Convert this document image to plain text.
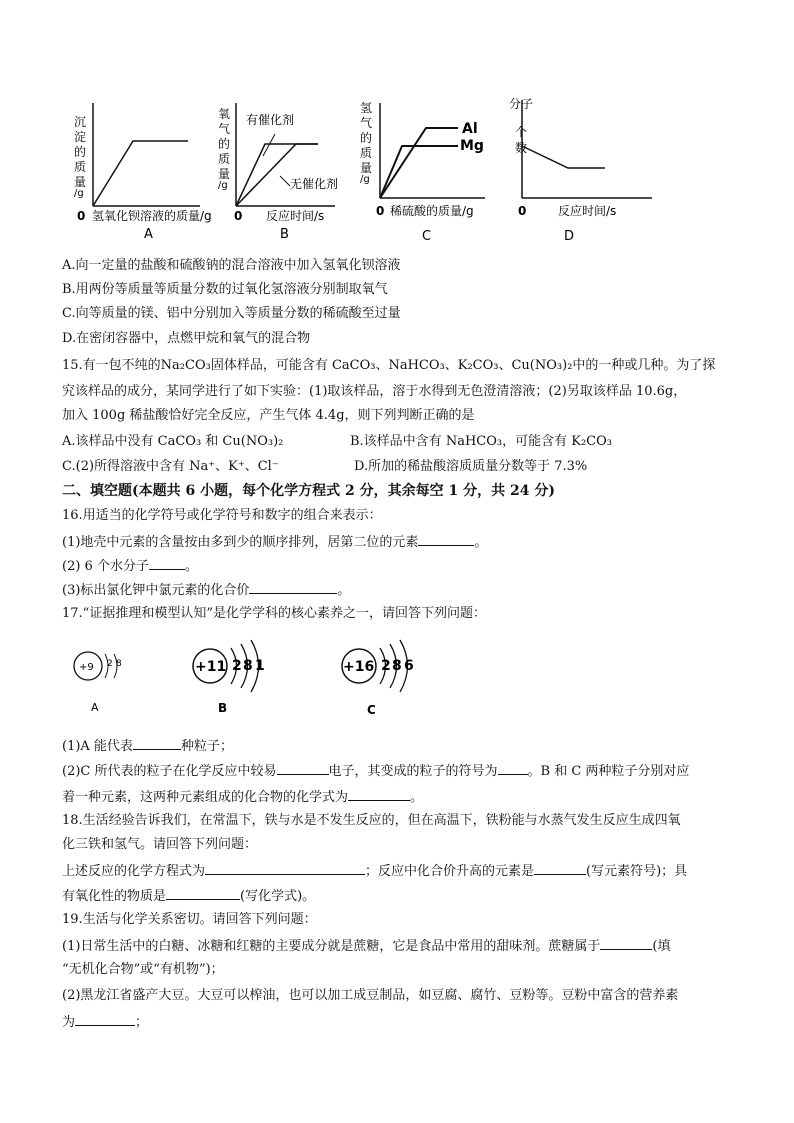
沉
淀
的
质
量
/g
0 氢氧化钡溶液的质量/g
A
氧
气
的
质
量
/g
有催化剂
无催化剂
0 反应时间/s
B
氢
气
的
质
量
/g
Al
Mg
0 稀硫酸的质量/g
C
分 子
个
数
0	反应时间/s
D
A.向一定量的盐酸和硫酸钠的混合溶液中加入氢氧化钡溶液
B.用两份等质量等质量分数的过氧化氢溶液分别制取氧气
C.向等质量的镁、铝中分别加入等质量分数的稀硫酸至过量
D.在密闭容器中，点燃甲烷和氧气的混合物
15.有一包不纯的Na₂CO₃固体样品，可能含有 CaCO₃、NaHCO₃、K₂CO₃、Cu(NO₃)₂中的一种或几种。为了探
究该样品的成分，某同学进行了如下实验：(1)取该样品，溶于水得到无色澄清溶液；(2)另取该样品 10.6g，
加入 100g 稀盐酸恰好完全反应，产生气体 4.4g，则下列判断正确的是
A.该样品中没有 CaCO₃ 和 Cu(NO₃)₂	B.该样品中含有 NaHCO₃，可能含有 K₂CO₃
C.(2)所得溶液中含有 Na⁺、K⁺、Cl⁻	D.所加的稀盐酸溶质质量分数等于 7.3%
二、填空题(本题共 6 小题，每个化学方程式 2 分，其余每空 1 分，共 24 分)
16.用适当的化学符号或化学符号和数字的组合来表示：
(1)地壳中元素的含量按由多到少的顺序排列，居第二位的元素	。
(2) 6 个水分子	。
(3)标出氯化钾中氯元素的化合价	。
17.“证据推理和模型认知”是化学学科的核心素养之一，请回答下列问题：
+9 2 8
A
+11 2 8 1
B
+16 2 8 6
C
(1)A 能代表	种粒子；
(2)C 所代表的粒子在化学反应中较易	电子，其变成的粒子的符号为 。B 和 C 两种粒子分别对应
着一种元素，这两种元素组成的化合物的化学式为	。
18.生活经验告诉我们，在常温下，铁与水是不发生反应的，但在高温下，铁粉能与水蒸气发生反应生成四氧
化三铁和氢气。请回答下列问题：
上述反应的化学方程式为	；反应中化合价升高的元素是	(写元素符号)；具
有氧化性的物质是	(写化学式)。
19.生活与化学关系密切。请回答下列问题：
(1)日常生活中的白糖、冰糖和红糖的主要成分就是蔗糖，它是食品中常用的甜味剂。蔗糖属于	(填
“无机化合物”或“有机物”)；
(2)黑龙江省盛产大豆。大豆可以榨油，也可以加工成豆制品，如豆腐、腐竹、豆粉等。豆粉中富含的营养素
为	；
